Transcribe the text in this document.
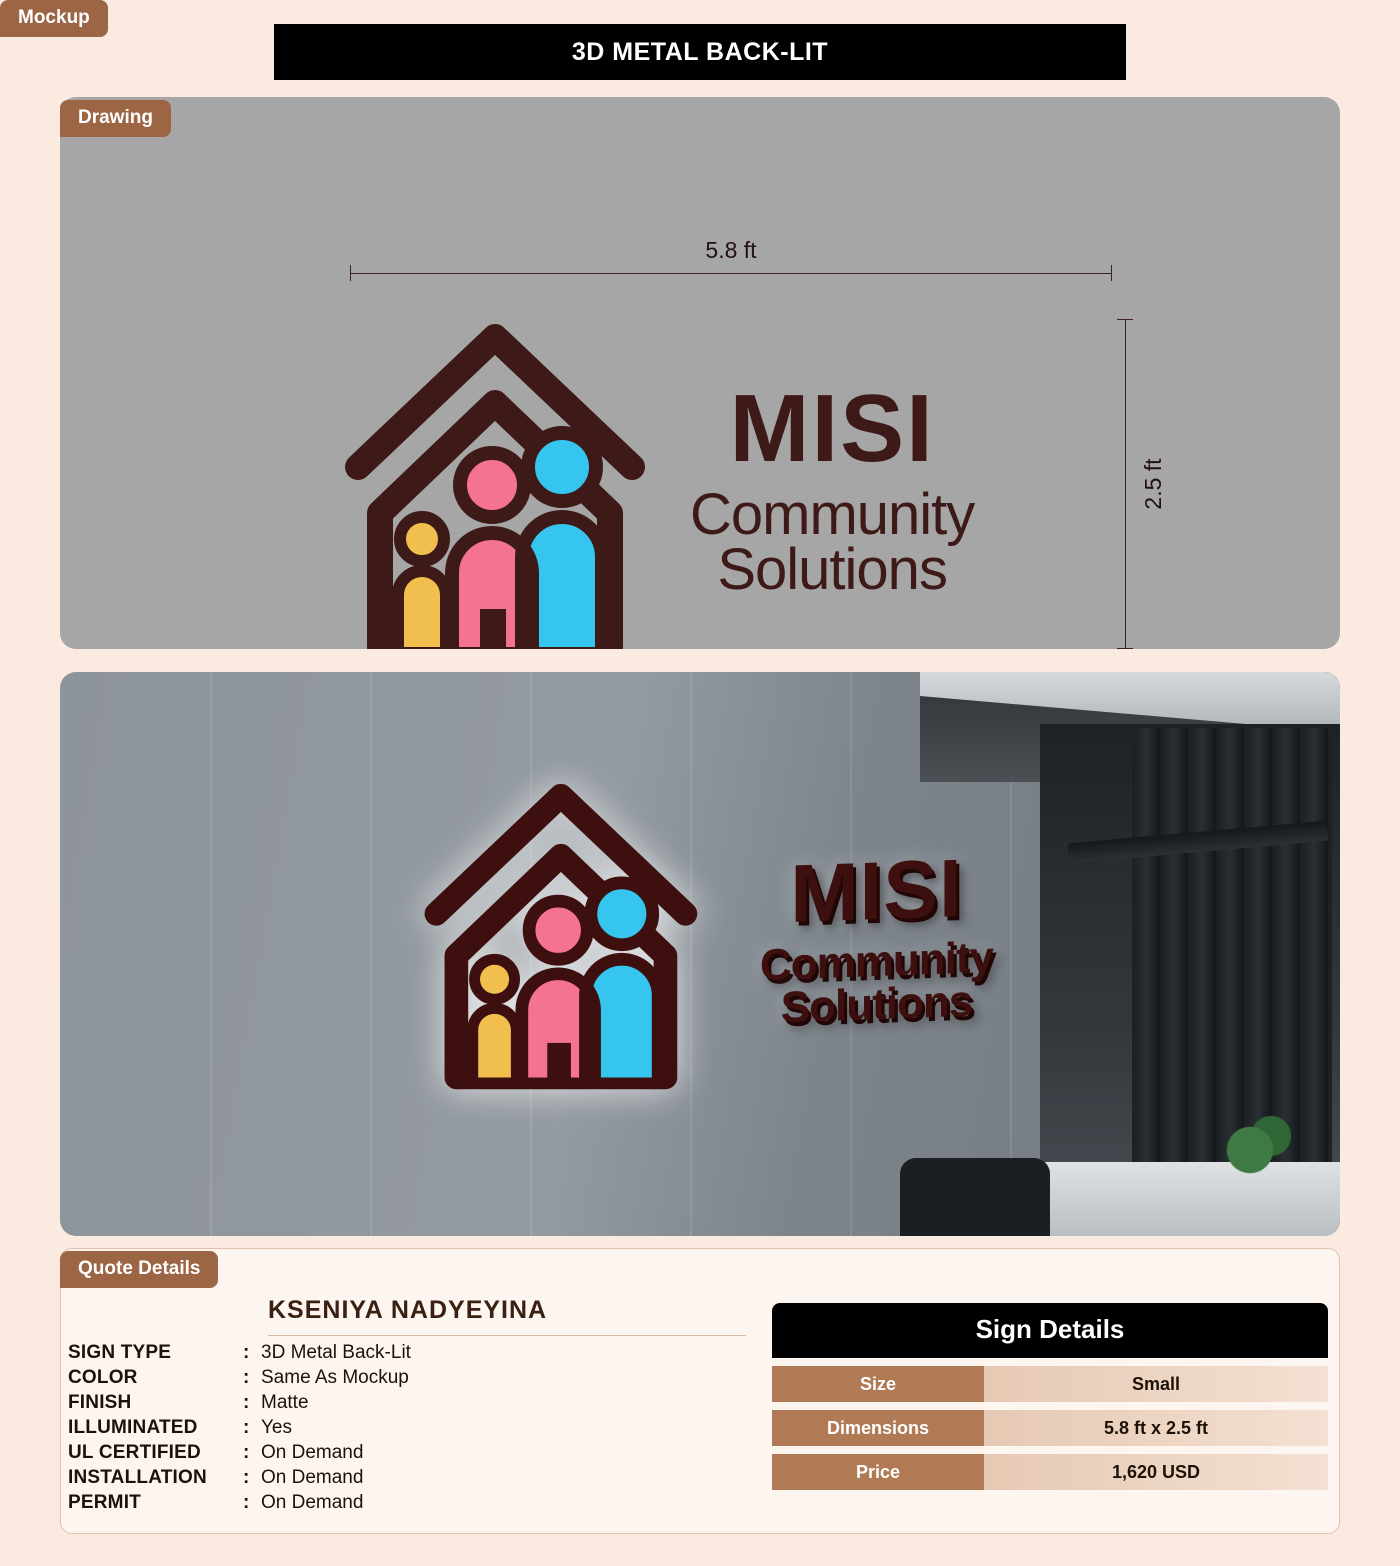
3D METAL BACK-LIT
5.8 ft
2.5 ft
MISI
Community
Solutions
Drawing
MISI
Community
Solutions
Mockup
Quote Details
KSENIYA NADYEYINA
SIGN TYPE	: 3D Metal Back-Lit
COLOR	: Same As Mockup
FINISH	: Matte
ILLUMINATED	: Yes
UL CERTIFIED	: On Demand
INSTALLATION	: On Demand
PERMIT	: On Demand
Sign Details
Size	Small
Dimensions	5.8 ft x 2.5 ft
Price	1,620 USD
